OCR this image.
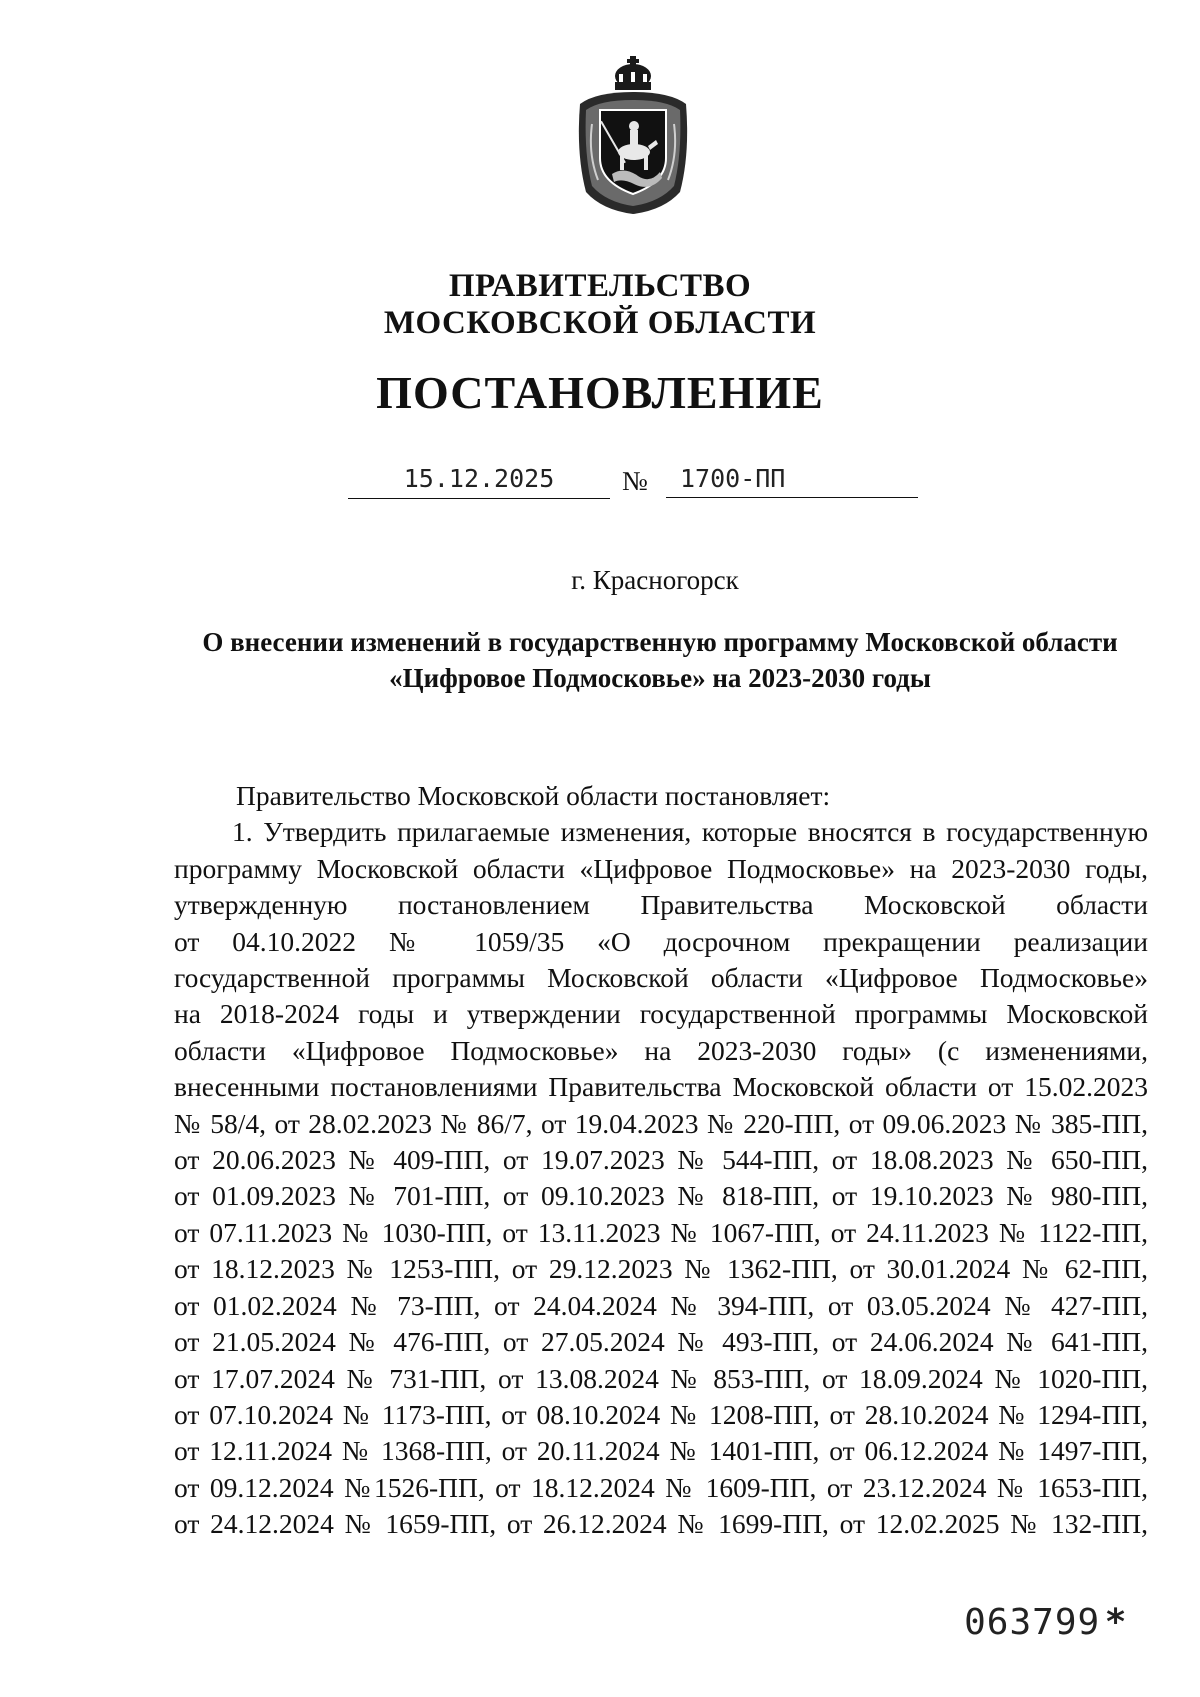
ПРАВИТЕЛЬСТВО
МОСКОВСКОЙ ОБЛАСТИ
ПОСТАНОВЛЕНИЕ
15.12.2025	№	1700-ПП
г. Красногорск
О внесении изменений в государственную программу Московской области
«Цифровое Подмосковье» на 2023-2030 годы

Правительство Московской области постановляет:

1. Утвердить прилагаемые изменения, которые вносятся в государственную
программу Московской области «Цифровое Подмосковье» на 2023-2030 годы,
утвержденную постановлением Правительства Московской области
от 04.10.2022 № 1059/35 «О досрочном прекращении реализации
государственной программы Московской области «Цифровое Подмосковье»
на 2018-2024 годы и утверждении государственной программы Московской
области «Цифровое Подмосковье» на 2023-2030 годы» (с изменениями,
внесенными постановлениями Правительства Московской области от 15.02.2023
№ 58/4, от 28.02.2023 № 86/7, от 19.04.2023 № 220-ПП, от 09.06.2023 № 385-ПП,
от 20.06.2023 № 409-ПП, от 19.07.2023 № 544-ПП, от 18.08.2023 № 650-ПП,
от 01.09.2023 № 701-ПП, от 09.10.2023 № 818-ПП, от 19.10.2023 № 980-ПП,
от 07.11.2023 № 1030-ПП, от 13.11.2023 № 1067-ПП, от 24.11.2023 № 1122-ПП,
от 18.12.2023 № 1253-ПП, от 29.12.2023 № 1362-ПП, от 30.01.2024 № 62-ПП,
от 01.02.2024 № 73-ПП, от 24.04.2024 № 394-ПП, от 03.05.2024 № 427-ПП,
от 21.05.2024 № 476-ПП, от 27.05.2024 № 493-ПП, от 24.06.2024 № 641-ПП,
от 17.07.2024 № 731-ПП, от 13.08.2024 № 853-ПП, от 18.09.2024 № 1020-ПП,
от 07.10.2024 № 1173-ПП, от 08.10.2024 № 1208-ПП, от 28.10.2024 № 1294-ПП,
от 12.11.2024 № 1368-ПП, от 20.11.2024 № 1401-ПП, от 06.12.2024 № 1497-ПП,
от 09.12.2024 №1526-ПП, от 18.12.2024 № 1609-ПП, от 23.12.2024 № 1653-ПП,
от 24.12.2024 № 1659-ПП, от 26.12.2024 № 1699-ПП, от 12.02.2025 № 132-ПП,
063799 *
